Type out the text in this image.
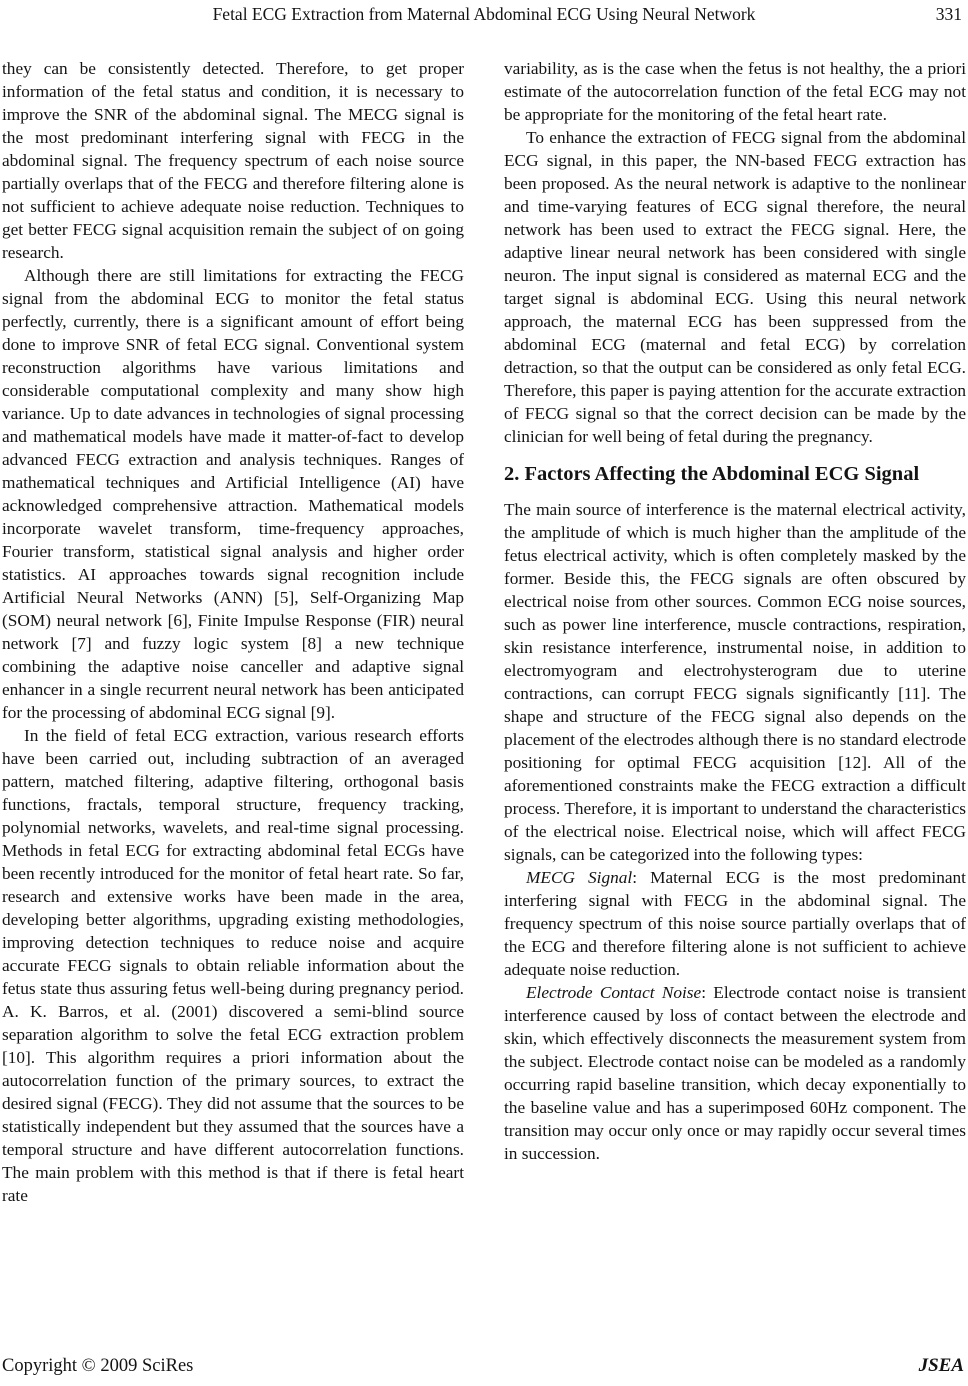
Fetal ECG Extraction from Maternal Abdominal ECG Using Neural Network	331

they can be consistently detected. Therefore, to get proper information of the fetal status and condition, it is necessary to improve the SNR of the abdominal signal. The MECG signal is the most predominant interfering signal with FECG in the abdominal signal. The frequency spectrum of each noise source partially overlaps that of the FECG and therefore filtering alone is not sufficient to achieve adequate noise reduction. Techniques to get better FECG signal acquisition remain the subject of on going research.

Although there are still limitations for extracting the FECG signal from the abdominal ECG to monitor the fetal status perfectly, currently, there is a significant amount of effort being done to improve SNR of fetal ECG signal. Conventional system reconstruction algorithms have various limitations and considerable computational complexity and many show high variance. Up to date advances in technologies of signal processing and mathematical models have made it matter-of-fact to develop advanced FECG extraction and analysis techniques. Ranges of mathematical techniques and Artificial Intelligence (AI) have acknowledged comprehensive attraction. Mathematical models incorporate wavelet transform, time-frequency approaches, Fourier transform, statistical signal analysis and higher order statistics. AI approaches towards signal recognition include Artificial Neural Networks (ANN) [5], Self-Organizing Map (SOM) neural network [6], Finite Impulse Response (FIR) neural network [7] and fuzzy logic system [8] a new technique combining the adaptive noise canceller and adaptive signal enhancer in a single recurrent neural network has been anticipated for the processing of abdominal ECG signal [9].

In the field of fetal ECG extraction, various research efforts have been carried out, including subtraction of an averaged pattern, matched filtering, adaptive filtering, orthogonal basis functions, fractals, temporal structure, frequency tracking, polynomial networks, wavelets, and real-time signal processing. Methods in fetal ECG for extracting abdominal fetal ECGs have been recently introduced for the monitor of fetal heart rate. So far, research and extensive works have been made in the area, developing better algorithms, upgrading existing methodologies, improving detection techniques to reduce noise and acquire accurate FECG signals to obtain reliable information about the fetus state thus assuring fetus well-being during pregnancy period. A. K. Barros, et al. (2001) discovered a semi-blind source separation algorithm to solve the fetal ECG extraction problem [10]. This algorithm requires a priori information about the autocorrelation function of the primary sources, to extract the desired signal (FECG). They did not assume that the sources to be statistically independent but they assumed that the sources have a temporal structure and have different autocorrelation functions. The main problem with this method is that if there is fetal heart rate

variability, as is the case when the fetus is not healthy, the a priori estimate of the autocorrelation function of the fetal ECG may not be appropriate for the monitoring of the fetal heart rate.

To enhance the extraction of FECG signal from the abdominal ECG signal, in this paper, the NN-based FECG extraction has been proposed. As the neural network is adaptive to the nonlinear and time-varying features of ECG signal therefore, the neural network has been used to extract the FECG signal. Here, the adaptive linear neural network has been considered with single neuron. The input signal is considered as maternal ECG and the target signal is abdominal ECG. Using this neural network approach, the maternal ECG has been suppressed from the abdominal ECG (maternal and fetal ECG) by correlation detraction, so that the output can be considered as only fetal ECG. Therefore, this paper is paying attention for the accurate extraction of FECG signal so that the correct decision can be made by the clinician for well being of fetal during the pregnancy.

2. Factors Affecting the Abdominal ECG Signal

The main source of interference is the maternal electrical activity, the amplitude of which is much higher than the amplitude of the fetus electrical activity, which is often completely masked by the former. Beside this, the FECG signals are often obscured by electrical noise from other sources. Common ECG noise sources, such as power line interference, muscle contractions, respiration, skin resistance interference, instrumental noise, in addition to electromyogram and electrohysterogram due to uterine contractions, can corrupt FECG signals significantly [11]. The shape and structure of the FECG signal also depends on the placement of the electrodes although there is no standard electrode positioning for optimal FECG acquisition [12]. All of the aforementioned constraints make the FECG extraction a difficult process. Therefore, it is important to understand the characteristics of the electrical noise. Electrical noise, which will affect FECG signals, can be categorized into the following types:

MECG Signal: Maternal ECG is the most predominant interfering signal with FECG in the abdominal signal. The frequency spectrum of this noise source partially overlaps that of the ECG and therefore filtering alone is not sufficient to achieve adequate noise reduction.

Electrode Contact Noise: Electrode contact noise is transient interference caused by loss of contact between the electrode and skin, which effectively disconnects the measurement system from the subject. Electrode contact noise can be modeled as a randomly occurring rapid baseline transition, which decay exponentially to the baseline value and has a superimposed 60Hz component. The transition may occur only once or may rapidly occur several times in succession.

Copyright © 2009 SciRes	JSEA
